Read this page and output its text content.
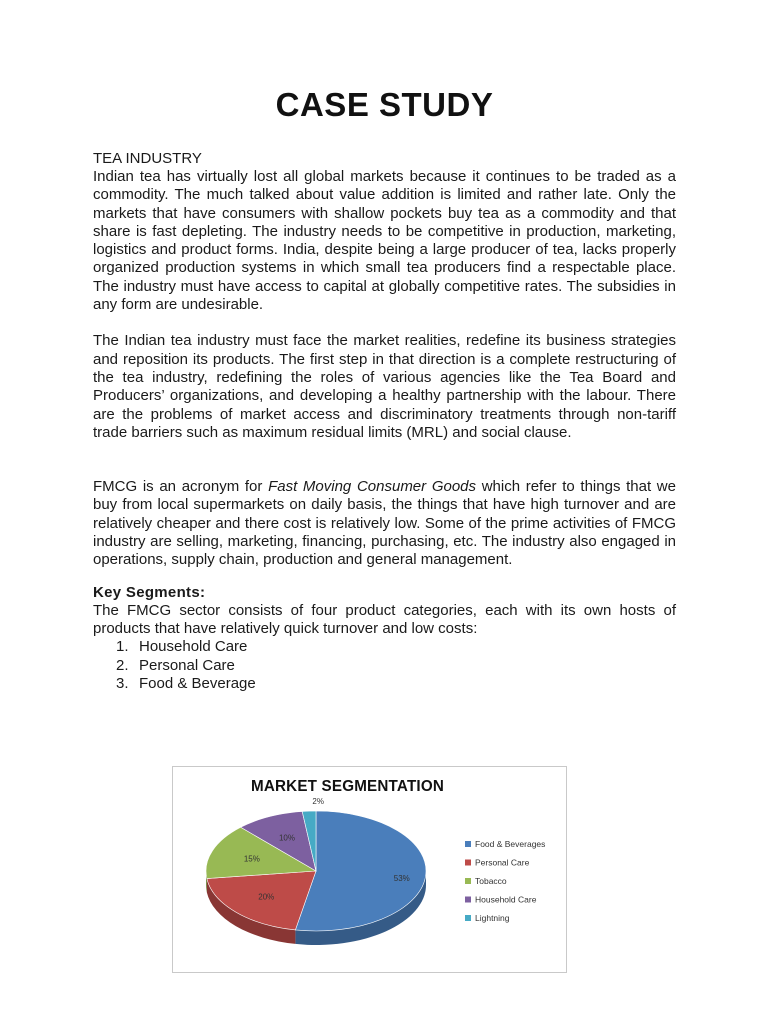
CASE STUDY

TEA INDUSTRY

Indian tea has virtually lost all global markets because it continues to be traded as a commodity. The much talked about value addition is limited and rather late. Only the markets that have consumers with shallow pockets buy tea as a commodity and that share is fast depleting. The industry needs to be competitive in production, marketing, logistics and product forms. India, despite being a large producer of tea, lacks properly organized production systems in which small tea producers find a respectable place. The industry must have access to capital at globally competitive rates. The subsidies in any form are undesirable.

The Indian tea industry must face the market realities, redefine its business strategies and reposition its products. The first step in that direction is a complete restructuring of the tea industry, redefining the roles of various agencies like the Tea Board and Producers’ organizations, and developing a healthy partnership with the labour. There are the problems of market access and discriminatory treatments through non-tariff trade barriers such as maximum residual limits (MRL) and social clause.

FMCG is an acronym for Fast Moving Consumer Goods which refer to things that we buy from local supermarkets on daily basis, the things that have high turnover and are relatively cheaper and there cost is relatively low. Some of the prime activities of FMCG industry are selling, marketing, financing, purchasing, etc. The industry also engaged in operations, supply chain, production and general management.

Key Segments:

The FMCG sector consists of four product categories, each with its own hosts of products that have relatively quick turnover and low costs:

1. Household Care
2. Personal Care
3. Food & Beverage
MARKET SEGMENTATION
53%
20%
15%
10%
2%
Food & Beverages
Personal Care
Tobacco
Household Care
Lightning
